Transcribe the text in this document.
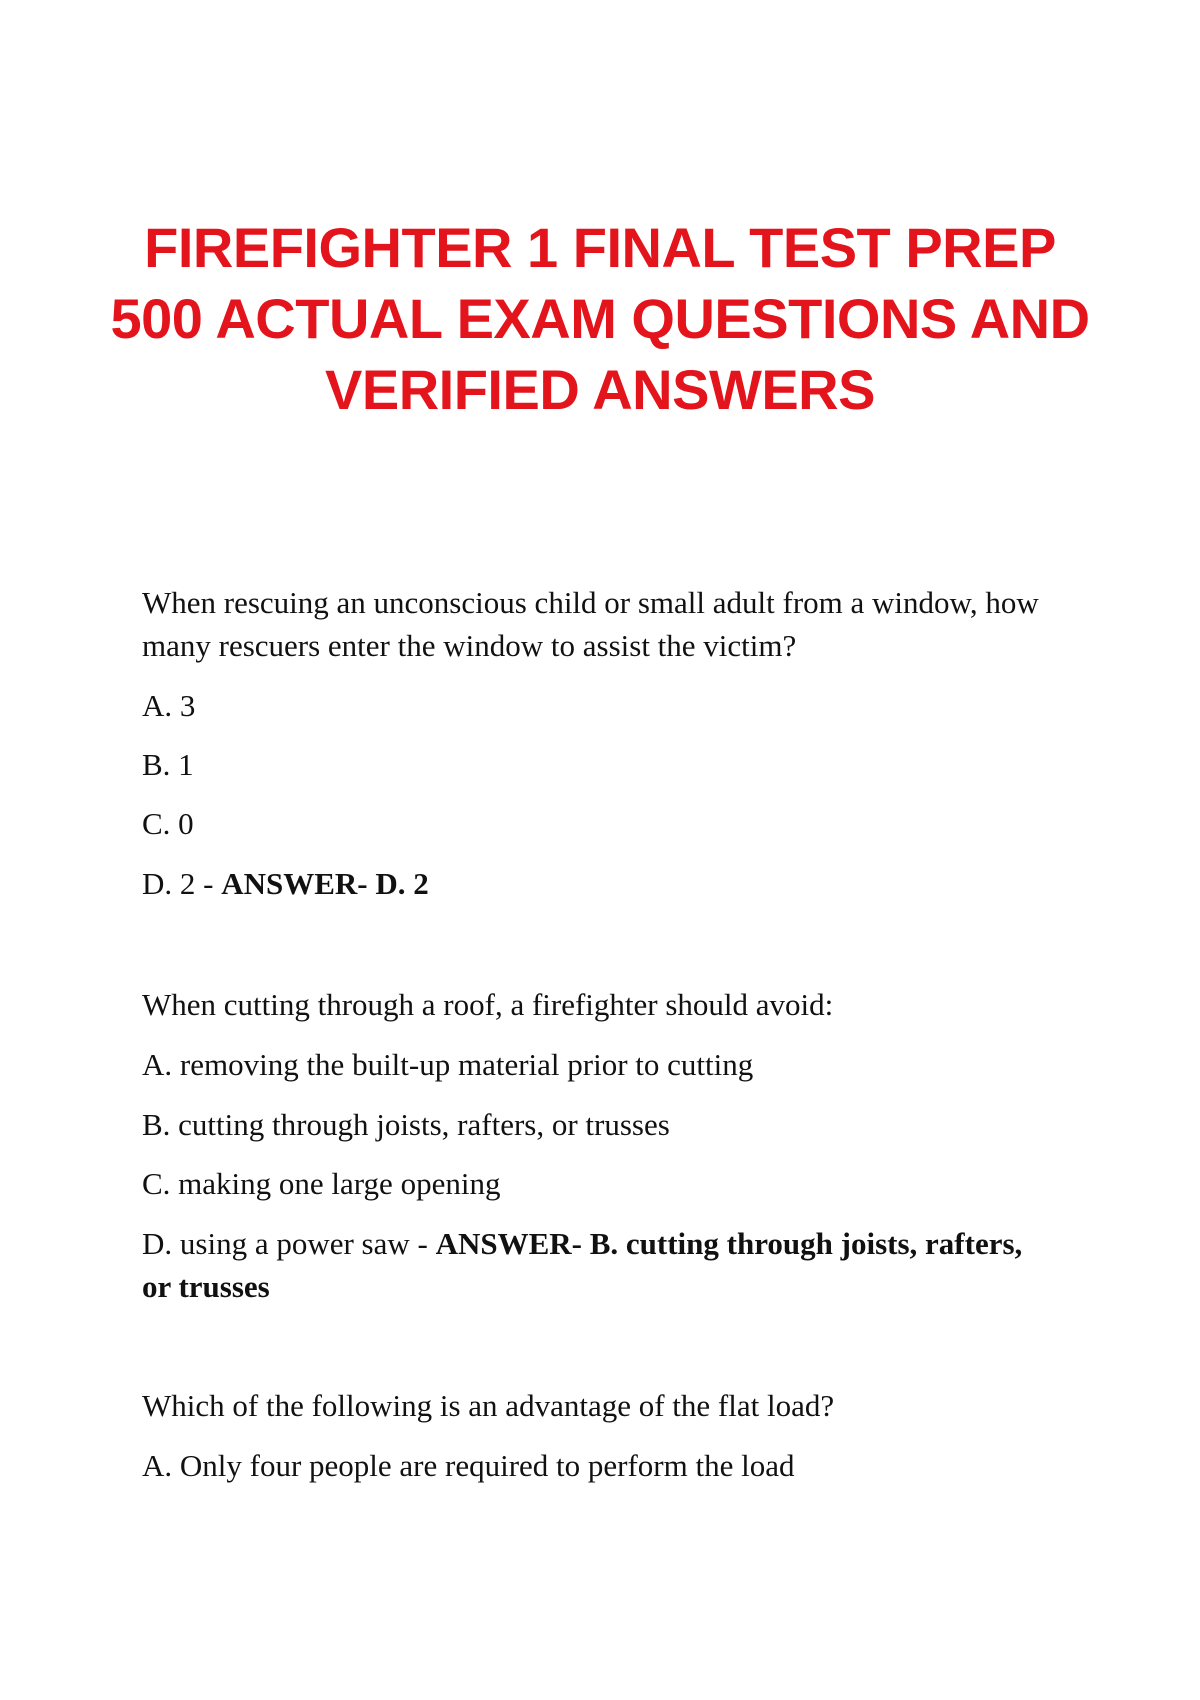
FIREFIGHTER 1 FINAL TEST PREP
500 ACTUAL EXAM QUESTIONS AND
VERIFIED ANSWERS
When rescuing an unconscious child or small adult from a window, how
many rescuers enter the window to assist the victim?
A. 3
B. 1
C. 0
D. 2 - ANSWER- D. 2
When cutting through a roof, a firefighter should avoid:
A. removing the built-up material prior to cutting
B. cutting through joists, rafters, or trusses
C. making one large opening
D. using a power saw - ANSWER- B. cutting through joists, rafters,
or trusses
Which of the following is an advantage of the flat load?
A. Only four people are required to perform the load
